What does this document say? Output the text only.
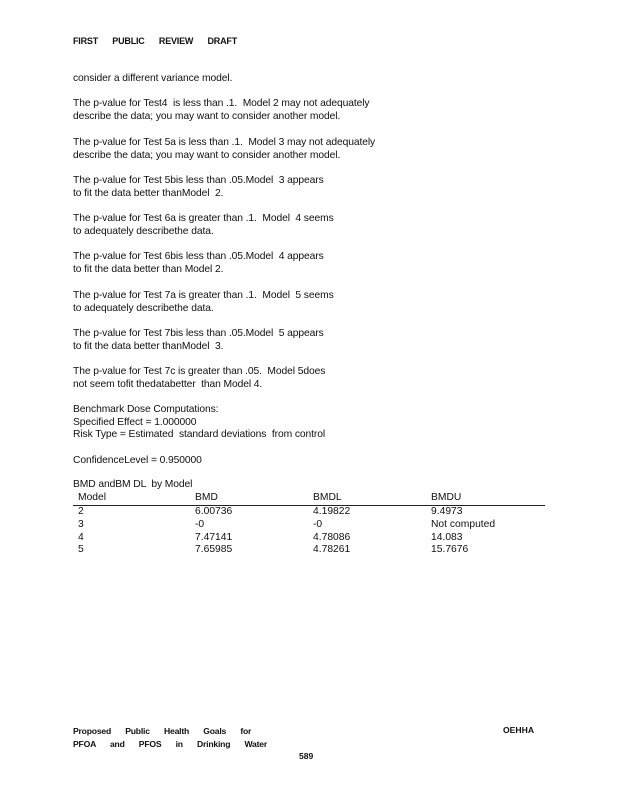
FIRST PUBLIC REVIEW DRAFT
consider a different variance model.
The p-value for Test4  is less than .1.  Model 2 may not adequately
describe the data; you may want to consider another model.
The p-value for Test 5a is less than .1.  Model 3 may not adequately
describe the data; you may want to consider another model.
The p-value for Test 5bis less than .05.Model  3 appears
to fit the data better thanModel  2.
The p-value for Test 6a is greater than .1.  Model  4 seems
to adequately describethe data.
The p-value for Test 6bis less than .05.Model  4 appears
to fit the data better than Model 2.
The p-value for Test 7a is greater than .1.  Model  5 seems
to adequately describethe data.
The p-value for Test 7bis less than .05.Model  5 appears
to fit the data better thanModel  3.
The p-value for Test 7c is greater than .05.  Model 5does
not seem tofit thedatabetter  than Model 4.
Benchmark Dose Computations:
Specified Effect = 1.000000
Risk Type = Estimated  standard deviations  from control
ConfidenceLevel = 0.950000
BMD andBM DL  by Model
Model	BMD	BMDL	BMDU
2	6.00736	4.19822	9.4973
3	-0	-0	Not computed
4	7.47141	4.78086	14.083
5	7.65985	4.78261	15.7676
Proposed Public Health Goals for
PFOA and PFOS in Drinking Water
OEHHA
589
